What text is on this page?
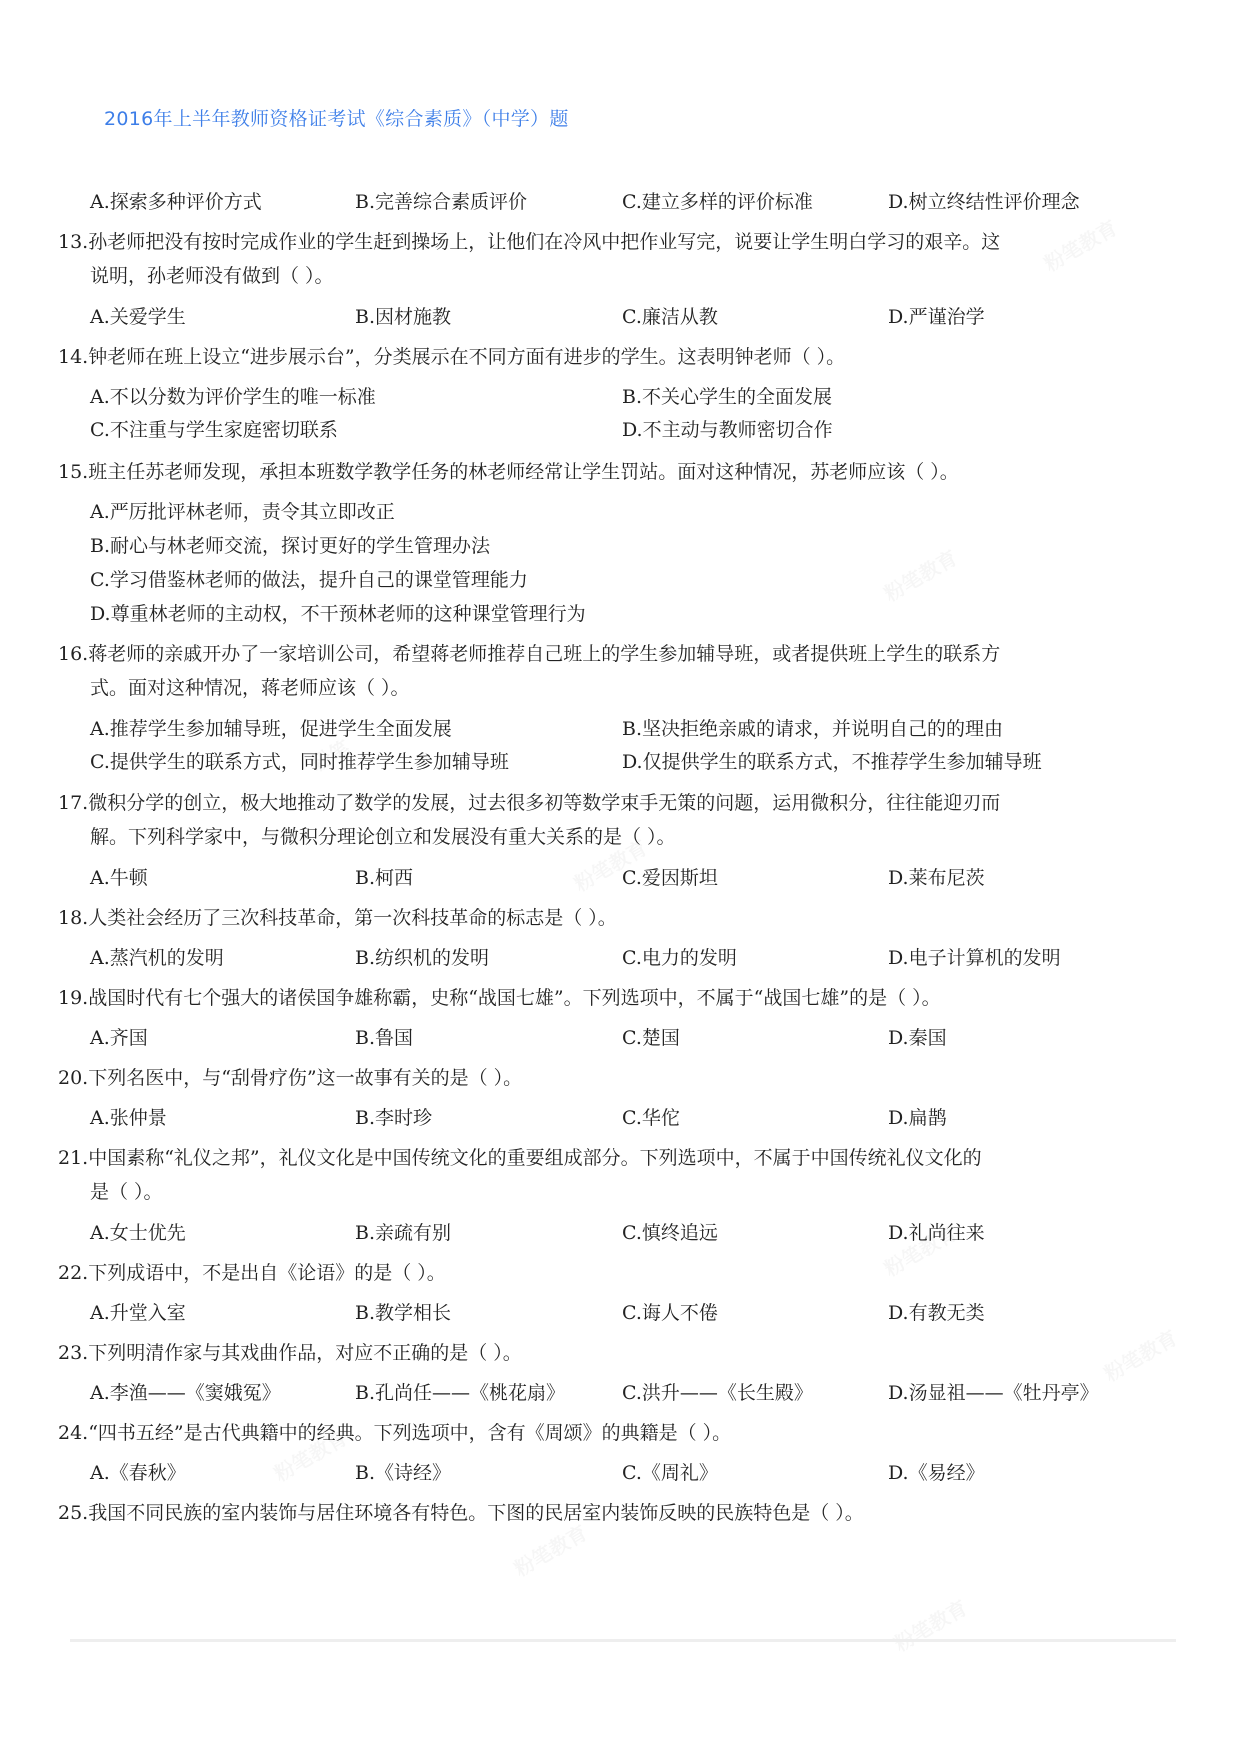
2016年上半年教师资格证考试《综合素质》（中学）题
A.探索多种评价方式	B.完善综合素质评价	C.建立多样的评价标准	D.树立终结性评价理念
13.孙老师把没有按时完成作业的学生赶到操场上，让他们在冷风中把作业写完，说要让学生明白学习的艰辛。这
说明，孙老师没有做到（ ）。
A.关爱学生	B.因材施教	C.廉洁从教	D.严谨治学
14.钟老师在班上设立“进步展示台”，分类展示在不同方面有进步的学生。这表明钟老师（ ）。
A.不以分数为评价学生的唯一标准	B.不关心学生的全面发展
C.不注重与学生家庭密切联系	D.不主动与教师密切合作
15.班主任苏老师发现，承担本班数学教学任务的林老师经常让学生罚站。面对这种情况，苏老师应该（ ）。
A.严厉批评林老师，责令其立即改正
B.耐心与林老师交流，探讨更好的学生管理办法
C.学习借鉴林老师的做法，提升自己的课堂管理能力
D.尊重林老师的主动权，不干预林老师的这种课堂管理行为
16.蒋老师的亲戚开办了一家培训公司，希望蒋老师推荐自己班上的学生参加辅导班，或者提供班上学生的联系方
式。面对这种情况，蒋老师应该（ ）。
A.推荐学生参加辅导班，促进学生全面发展	B.坚决拒绝亲戚的请求，并说明自己的的理由
C.提供学生的联系方式，同时推荐学生参加辅导班	D.仅提供学生的联系方式，不推荐学生参加辅导班
17.微积分学的创立，极大地推动了数学的发展，过去很多初等数学束手无策的问题，运用微积分，往往能迎刃而
解。下列科学家中，与微积分理论创立和发展没有重大关系的是（ ）。
A.牛顿	B.柯西	C.爱因斯坦	D.莱布尼茨
18.人类社会经历了三次科技革命，第一次科技革命的标志是（ ）。
A.蒸汽机的发明	B.纺织机的发明	C.电力的发明	D.电子计算机的发明
19.战国时代有七个强大的诸侯国争雄称霸，史称“战国七雄”。下列选项中，不属于“战国七雄”的是（ ）。
A.齐国	B.鲁国	C.楚国	D.秦国
20.下列名医中，与“刮骨疗伤”这一故事有关的是（ ）。
A.张仲景	B.李时珍	C.华佗	D.扁鹊
21.中国素称“礼仪之邦”，礼仪文化是中国传统文化的重要组成部分。下列选项中，不属于中国传统礼仪文化的
是（ ）。
A.女士优先	B.亲疏有别	C.慎终追远	D.礼尚往来
22.下列成语中，不是出自《论语》的是（ ）。
A.升堂入室	B.教学相长	C.诲人不倦	D.有教无类
23.下列明清作家与其戏曲作品，对应不正确的是（ ）。
A.李渔——《窦娥冤》	B.孔尚任——《桃花扇》	C.洪升——《长生殿》	D.汤显祖——《牡丹亭》
24.“四书五经”是古代典籍中的经典。下列选项中，含有《周颂》的典籍是（ ）。
A.《春秋》	B.《诗经》	C.《周礼》	D.《易经》
25.我国不同民族的室内装饰与居住环境各有特色。下图的民居室内装饰反映的民族特色是（ ）。
